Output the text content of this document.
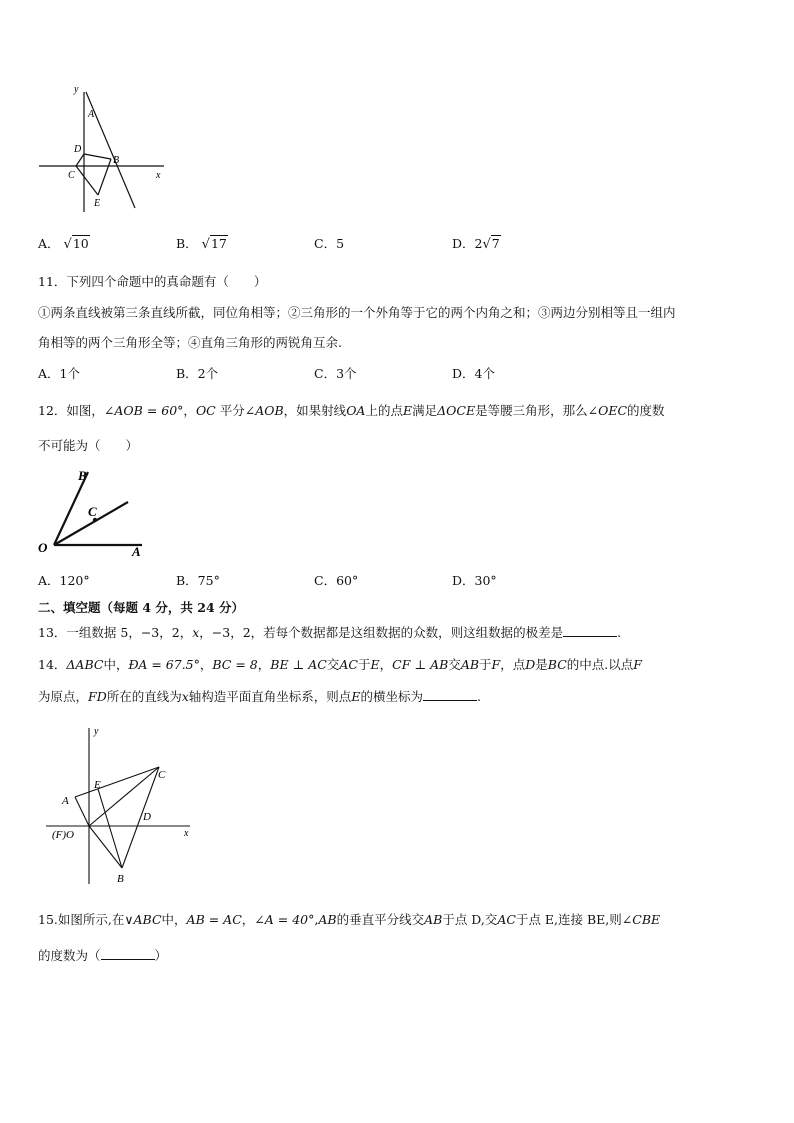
y
x
A
B
C
D
E
A． √10	B． √17	C．5	D．2√7
11．下列四个命题中的真命题有（　　）
①两条直线被第三条直线所截，同位角相等；②三角形的一个外角等于它的两个内角之和；③两边分别相等且一组内
角相等的两个三角形全等；④直角三角形的两锐角互余.
A．1个	B．2个	C．3个	D．4个
12．如图，∠AOB = 60°，OC 平分∠AOB，如果射线OA上的点E满足ΔOCE是等腰三角形，那么∠OEC的度数
不可能为（　　）
B
C
O	A
A．120°	B．75°	C．60°	D．30°
二、填空题（每题 4 分，共 24 分）
13．一组数据 5，−3，2，x，−3，2，若每个数据都是这组数据的众数，则这组数据的极差是	.
14．ΔABC中，ÐA = 67.5°，BC = 8，BE ⊥ AC交AC于E，CF ⊥ AB交AB于F，点D是BC的中点.以点F
为原点，FD所在的直线为x轴构造平面直角坐标系，则点E的横坐标为	.
y
x
A
E
C
D
(F)O
B
15.如图所示,在∨ABC中，AB = AC，∠A = 40°,AB的垂直平分线交AB于点 D,交AC于点 E,连接 BE,则∠CBE
的度数为（	）
